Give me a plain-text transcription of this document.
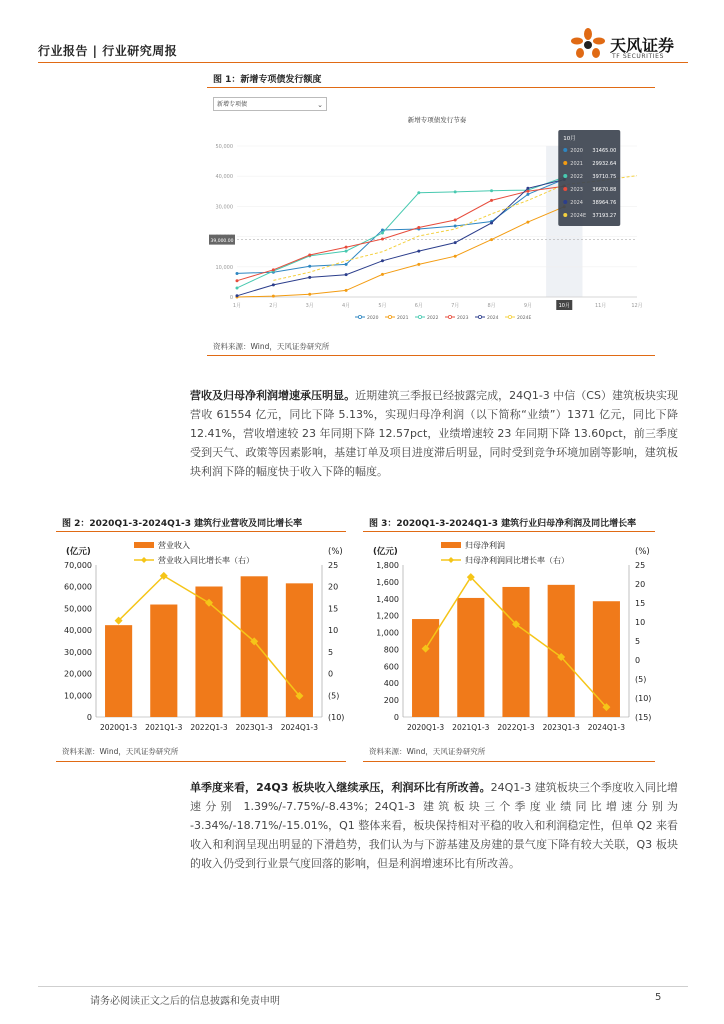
行业报告 | 行业研究周报	天风证券
TF SECURITIES
图 1：新增专项债发行额度
新增专项债	⌄
新增专项债发行节奏
0
10,000
30,000
40,000
50,000
39,000.00
1月	2月	3月	4月	5月	6月	7月	8月	9月	10月	11月	12月
10月
2020 31465.00
2021 29932.64
2022 39710.75
2023 36670.88
2024 38964.76
2024E 37193.27
2020	2021	2022	2023	2024	2024E
资料来源：Wind，天风证券研究所
营收及归母净利润增速承压明显。近期建筑三季报已经披露完成，24Q1-3 中信（CS）建筑板块实现营收 61554 亿元，同比下降 5.13%，实现归母净利润（以下简称“业绩”）1371 亿元，同比下降 12.41%，营收增速较 23 年同期下降 12.57pct，业绩增速较 23 年同期下降 13.60pct，前三季度受到天气、政策等因素影响，基建订单及项目进度滞后明显，同时受到竞争环境加剧等影响，建筑板块利润下降的幅度快于收入下降的幅度。
图 2：2020Q1-3-2024Q1-3 建筑行业营收及同比增长率
(亿元)	(%)
营业收入
营业收入同比增长率（右）
0
10,000
20,000
30,000
40,000
50,000
60,000
70,000
(10)
(5)
0
5
10
15
20
25
2020Q1-3 2021Q1-3 2022Q1-3 2023Q1-3 2024Q1-3
资料来源：Wind，天风证券研究所
图 3：2020Q1-3-2024Q1-3 建筑行业归母净利润及同比增长率
(亿元)	(%)
归母净利润
归母净利润同比增长率（右）
0
200
400
600
800
1,000
1,200
1,400
1,600
1,800
(15)
(10)
(5)
0
5
10
15
20
25
2020Q1-3 2021Q1-3 2022Q1-3 2023Q1-3 2024Q1-3
资料来源：Wind，天风证券研究所
单季度来看，24Q3 板块收入继续承压，利润环比有所改善。24Q1-3 建筑板块三个季度收入同比增速分别 1.39%/-7.75%/-8.43%；24Q1-3 建筑板块三个季度业绩同比增速分别为 -3.34%/-18.71%/-15.01%，Q1 整体来看，板块保持相对平稳的收入和利润稳定性，但单 Q2 来看收入和利润呈现出明显的下滑趋势，我们认为与下游基建及房建的景气度下降有较大关联，Q3 板块的收入仍受到行业景气度回落的影响，但是利润增速环比有所改善。
请务必阅读正文之后的信息披露和免责申明	5
